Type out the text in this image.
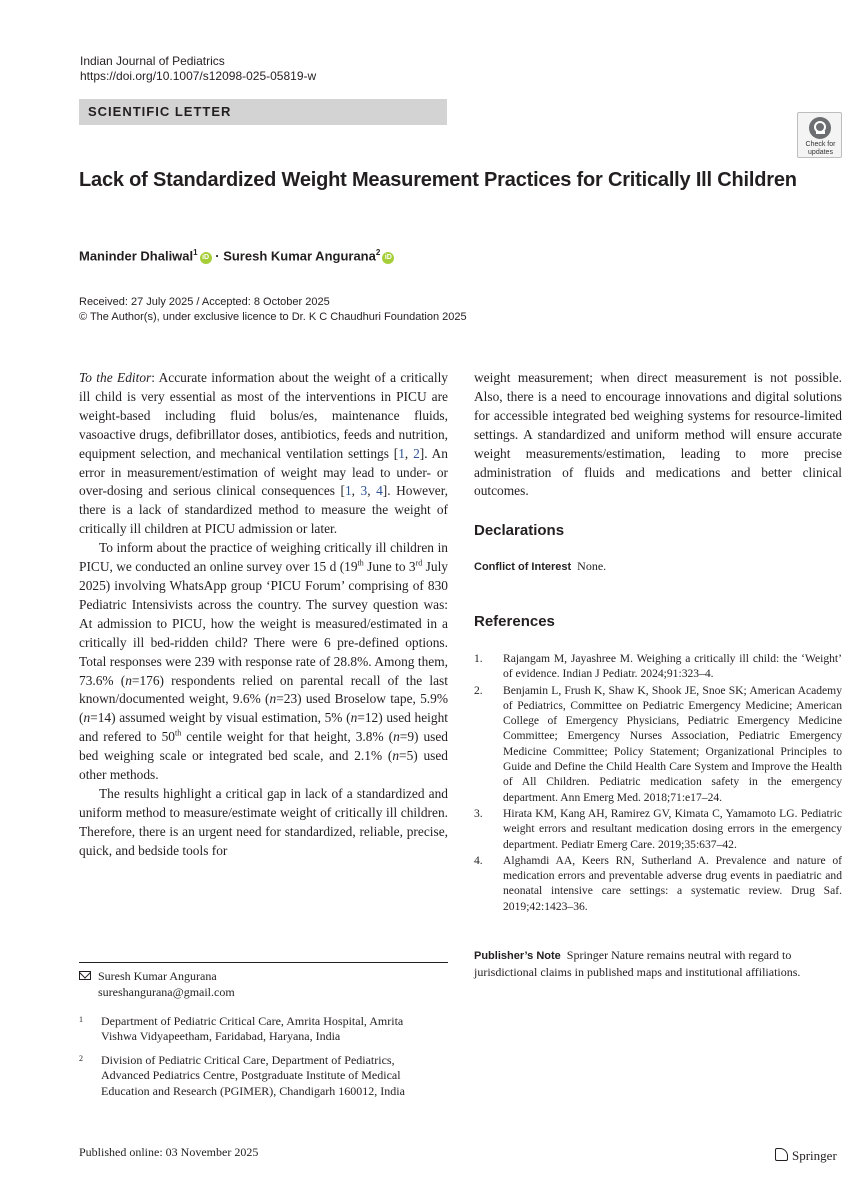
Indian Journal of Pediatrics
https://doi.org/10.1007/s12098-025-05819-w
SCIENTIFIC LETTER
Check for
updates
Lack of Standardized Weight Measurement Practices for Critically Ill Children
Maninder Dhaliwal$^1$iD · Suresh Kumar Angurana$^2$iD
Received: 27 July 2025 / Accepted: 8 October 2025
© The Author(s), under exclusive licence to Dr. K C Chaudhuri Foundation 2025

To the Editor: Accurate information about the weight of a critically ill child is very essential as most of the interventions in PICU are weight-based including fluid bolus/es, maintenance fluids, vasoactive drugs, defibrillator doses, antibiotics, feeds and nutrition, equipment selection, and mechanical ventilation settings [1, 2]. An error in measurement/estimation of weight may lead to under- or over-dosing and serious clinical consequences [1, 3, 4]. However, there is a lack of standardized method to measure the weight of critically ill children at PICU admission or later.

To inform about the practice of weighing critically ill children in PICU, we conducted an online survey over 15 d (19th June to 3rd July 2025) involving WhatsApp group ‘PICU Forum’ comprising of 830 Pediatric Intensivists across the country. The survey question was: At admission to PICU, how the weight is measured/estimated in a critically ill bed-ridden child? There were 6 pre-defined options. Total responses were 239 with response rate of 28.8%. Among them, 73.6% (n=176) respondents relied on parental recall of the last known/documented weight, 9.6% (n=23) used Broselow tape, 5.9% (n=14) assumed weight by visual estimation, 5% (n=12) used height and refered to 50th centile weight for that height, 3.8% (n=9) used bed weighing scale or integrated bed scale, and 2.1% (n=5) used other methods.

The results highlight a critical gap in lack of a standardized and uniform method to measure/estimate weight of critically ill children. Therefore, there is an urgent need for standardized, reliable, precise, quick, and bedside tools for

weight measurement; when direct measurement is not possible. Also, there is a need to encourage innovations and digital solutions for accessible integrated bed weighing systems for resource-limited settings. A standardized and uniform method will ensure accurate weight measurements/estimation, leading to more precise administration of fluids and medications and better clinical outcomes.
Declarations
Conflict of Interest None.
References
1. Rajangam M, Jayashree M. Weighing a critically ill child: the ‘Weight’ of evidence. Indian J Pediatr. 2024;91:323–4.
2. Benjamin L, Frush K, Shaw K, Shook JE, Snoe SK; American Academy of Pediatrics, Committee on Pediatric Emergency Medicine; American College of Emergency Physicians, Pediatric Emergency Medicine Committee; Emergency Nurses Association, Pediatric Emergency Medicine Committee; Policy Statement; Organizational Principles to Guide and Define the Child Health Care System and Improve the Health of All Children. Pediatric medication safety in the emergency department. Ann Emerg Med. 2018;71:e17–24.
3. Hirata KM, Kang AH, Ramirez GV, Kimata C, Yamamoto LG. Pediatric weight errors and resultant medication dosing errors in the emergency department. Pediatr Emerg Care. 2019;35:637–42.
4. Alghamdi AA, Keers RN, Sutherland A. Prevalence and nature of medication errors and preventable adverse drug events in paediatric and neonatal intensive care settings: a systematic review. Drug Saf. 2019;42:1423–36.
Publisher’s Note Springer Nature remains neutral with regard to jurisdictional claims in published maps and institutional affiliations.
Suresh Kumar Angurana
sureshangurana@gmail.com
1 Department of Pediatric Critical Care, Amrita Hospital, Amrita Vishwa Vidyapeetham, Faridabad, Haryana, India
2 Division of Pediatric Critical Care, Department of Pediatrics, Advanced Pediatrics Centre, Postgraduate Institute of Medical Education and Research (PGIMER), Chandigarh 160012, India
Published online: 03 November 2025	Springer
